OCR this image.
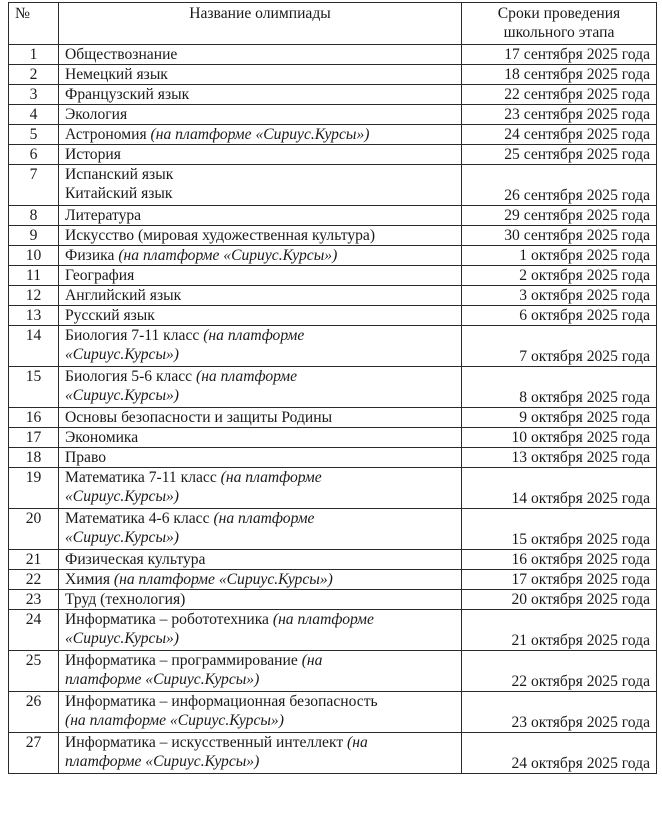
№	Название олимпиады	Сроки проведения
школьного этапа
1	Обществознание	17 сентября 2025 года
2	Немецкий язык	18 сентября 2025 года
3	Французский язык	22 сентября 2025 года
4	Экология	23 сентября 2025 года
5	Астрономия (на платформе «Сириус.Курсы»)	24 сентября 2025 года
6	История	25 сентября 2025 года
7	Испанский язык
Китайский язык	26 сентября 2025 года
8	Литература	29 сентября 2025 года
9	Искусство (мировая художественная культура)	30 сентября 2025 года
10	Физика (на платформе «Сириус.Курсы»)	1 октября 2025 года
11	География	2 октября 2025 года
12	Английский язык	3 октября 2025 года
13	Русский язык	6 октября 2025 года
14	Биология 7-11 класс (на платформе
«Сириус.Курсы»)	7 октября 2025 года
15	Биология 5-6 класс (на платформе
«Сириус.Курсы»)	8 октября 2025 года
16	Основы безопасности и защиты Родины	9 октября 2025 года
17	Экономика	10 октября 2025 года
18	Право	13 октября 2025 года
19	Математика 7-11 класс (на платформе
«Сириус.Курсы»)	14 октября 2025 года
20	Математика 4-6 класс (на платформе
«Сириус.Курсы»)	15 октября 2025 года
21	Физическая культура	16 октября 2025 года
22	Химия (на платформе «Сириус.Курсы»)	17 октября 2025 года
23	Труд (технология)	20 октября 2025 года
24	Информатика – робототехника (на платформе
«Сириус.Курсы»)	21 октября 2025 года
25	Информатика – программирование (на
платформе «Сириус.Курсы»)	22 октября 2025 года
26	Информатика – информационная безопасность
(на платформе «Сириус.Курсы»)	23 октября 2025 года
27	Информатика – искусственный интеллект (на
платформе «Сириус.Курсы»)	24 октября 2025 года
